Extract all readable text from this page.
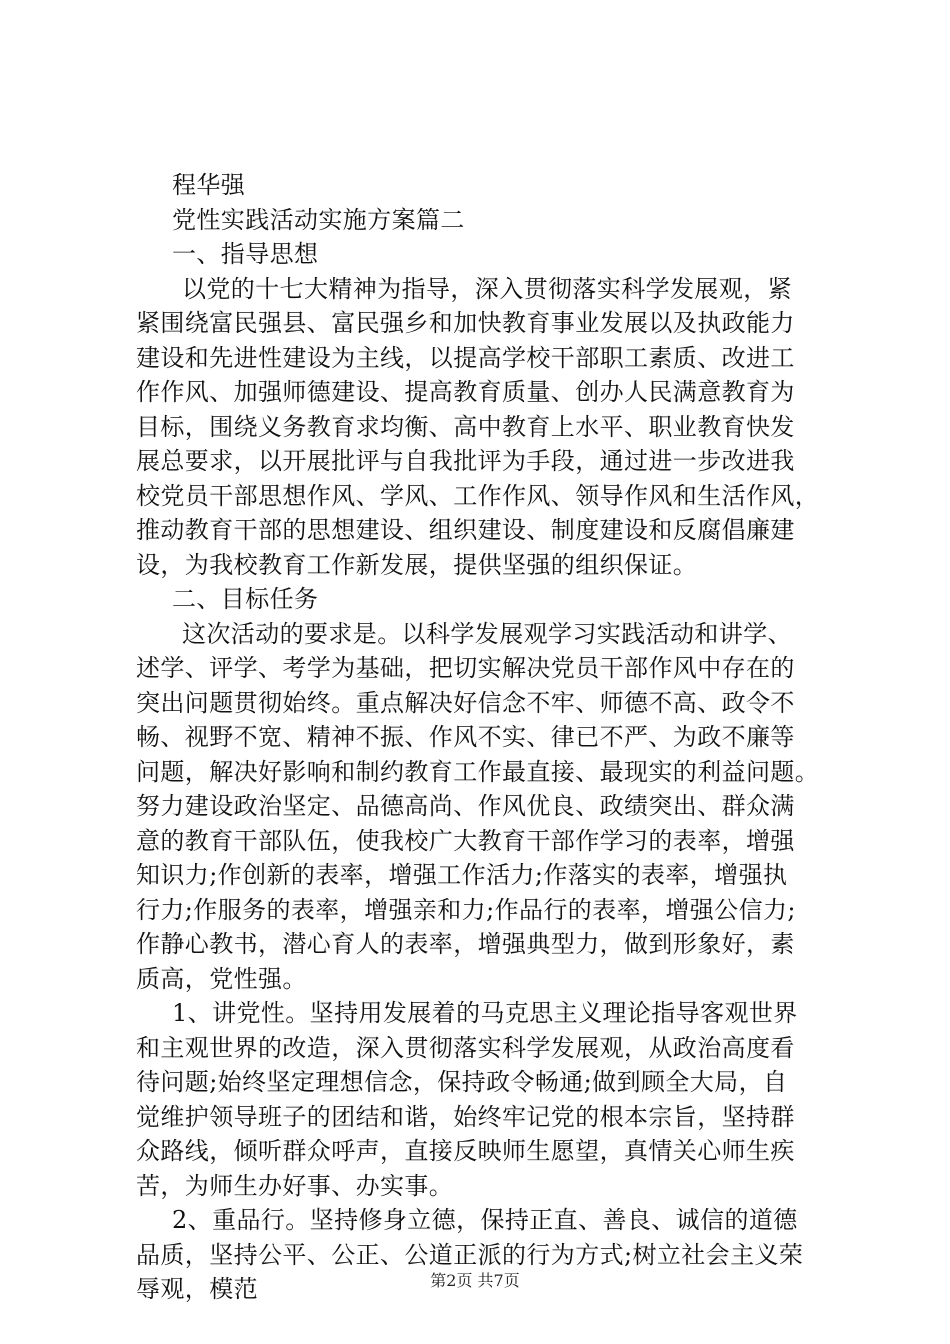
程华强
党性实践活动实施方案篇二
一、指导思想
以党的十七大精神为指导，深入贯彻落实科学发展观，紧
紧围绕富民强县、富民强乡和加快教育事业发展以及执政能力
建设和先进性建设为主线，以提高学校干部职工素质、改进工
作作风、加强师德建设、提高教育质量、创办人民满意教育为
目标，围绕义务教育求均衡、高中教育上水平、职业教育快发
展总要求，以开展批评与自我批评为手段，通过进一步改进我
校党员干部思想作风、学风、工作作风、领导作风和生活作风，
推动教育干部的思想建设、组织建设、制度建设和反腐倡廉建
设，为我校教育工作新发展，提供坚强的组织保证。
二、目标任务
这次活动的要求是。以科学发展观学习实践活动和讲学、
述学、评学、考学为基础，把切实解决党员干部作风中存在的
突出问题贯彻始终。重点解决好信念不牢、师德不高、政令不
畅、视野不宽、精神不振、作风不实、律已不严、为政不廉等
问题，解决好影响和制约教育工作最直接、最现实的利益问题。
努力建设政治坚定、品德高尚、作风优良、政绩突出、群众满
意的教育干部队伍，使我校广大教育干部作学习的表率，增强
知识力;作创新的表率，增强工作活力;作落实的表率，增强执
行力;作服务的表率，增强亲和力;作品行的表率，增强公信力;
作静心教书，潜心育人的表率，增强典型力，做到形象好，素
质高，党性强。
1、讲党性。坚持用发展着的马克思主义理论指导客观世界
和主观世界的改造，深入贯彻落实科学发展观，从政治高度看
待问题;始终坚定理想信念，保持政令畅通;做到顾全大局，自
觉维护领导班子的团结和谐，始终牢记党的根本宗旨，坚持群
众路线，倾听群众呼声，直接反映师生愿望，真情关心师生疾
苦，为师生办好事、办实事。
2、重品行。坚持修身立德，保持正直、善良、诚信的道德
品质，坚持公平、公正、公道正派的行为方式;树立社会主义荣
辱观，模范	第2页 共7页
